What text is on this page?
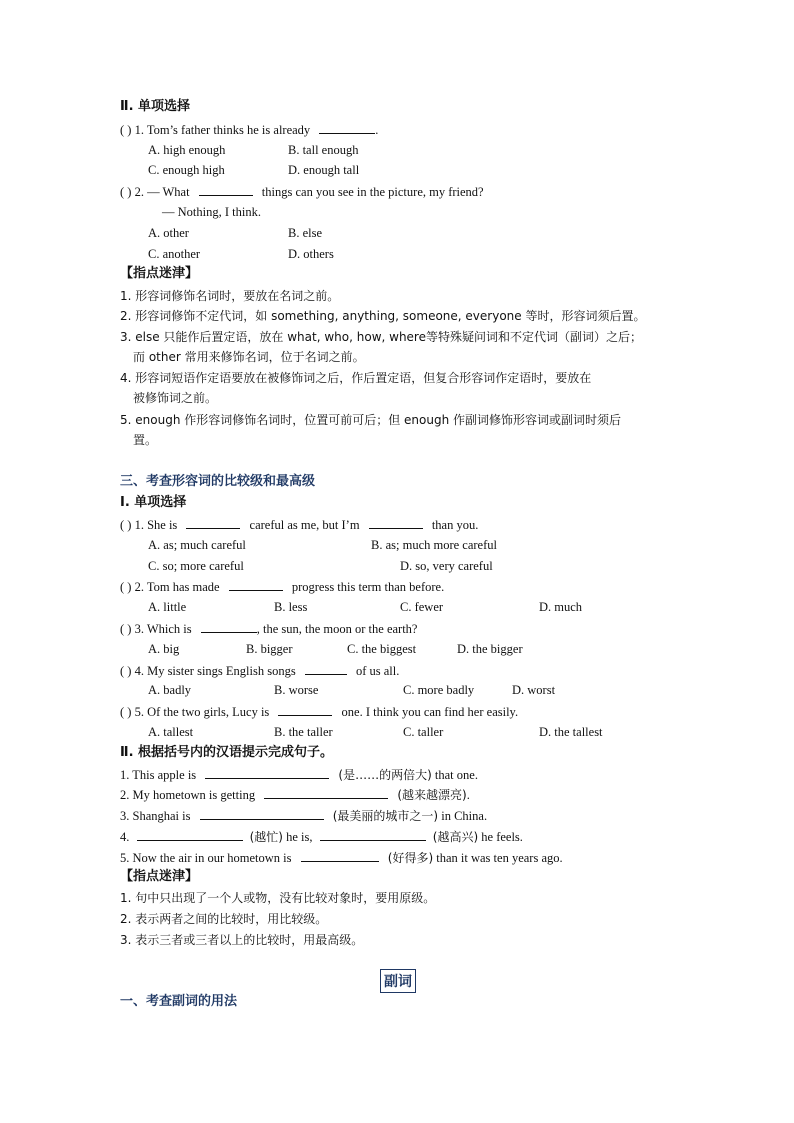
Ⅱ. 单项选择
( ) 1. Tom’s father thinks he is already	.
A. high enough	B. tall enough
C. enough high	D. enough tall
( ) 2. — What	things can you see in the picture, my friend?
— Nothing, I think.
A. other	B. else
C. another	D. others
【指点迷津】
1. 形容词修饰名词时，要放在名词之前。
2. 形容词修饰不定代词，如 something, anything, someone, everyone 等时，形容词须后置。
3. else 只能作后置定语，放在 what, who, how, where等特殊疑问词和不定代词（副词）之后；
而 other 常用来修饰名词，位于名词之前。
4. 形容词短语作定语要放在被修饰词之后，作后置定语，但复合形容词作定语时，要放在
被修饰词之前。
5. enough 作形容词修饰名词时，位置可前可后；但 enough 作副词修饰形容词或副词时须后
置。
三、考查形容词的比较级和最高级
Ⅰ. 单项选择
( ) 1. She is	careful as me, but I’m	than you.
A. as; much careful	B. as; much more careful
C. so; more careful	D. so, very careful
( ) 2. Tom has made	progress this term than before.
A. little	B. less	C. fewer	D. much
( ) 3. Which is	, the sun, the moon or the earth?
A. big	B. bigger	C. the biggest	D. the bigger
( ) 4. My sister sings English songs	of us all.
A. badly	B. worse	C. more badly	D. worst
( ) 5. Of the two girls, Lucy is	one. I think you can find her easily.
A. tallest	B. the taller	C. taller	D. the tallest
Ⅱ. 根据括号内的汉语提示完成句子。
1. This apple is	(是……的两倍大) that one.
2. My hometown is getting	(越来越漂亮).
3. Shanghai is	(最美丽的城市之一) in China.
4.	(越忙) he is,	(越高兴) he feels.
5. Now the air in our hometown is	(好得多) than it was ten years ago.
【指点迷津】
1. 句中只出现了一个人或物，没有比较对象时，要用原级。
2. 表示两者之间的比较时，用比较级。
3. 表示三者或三者以上的比较时，用最高级。
副词
一、考查副词的用法
